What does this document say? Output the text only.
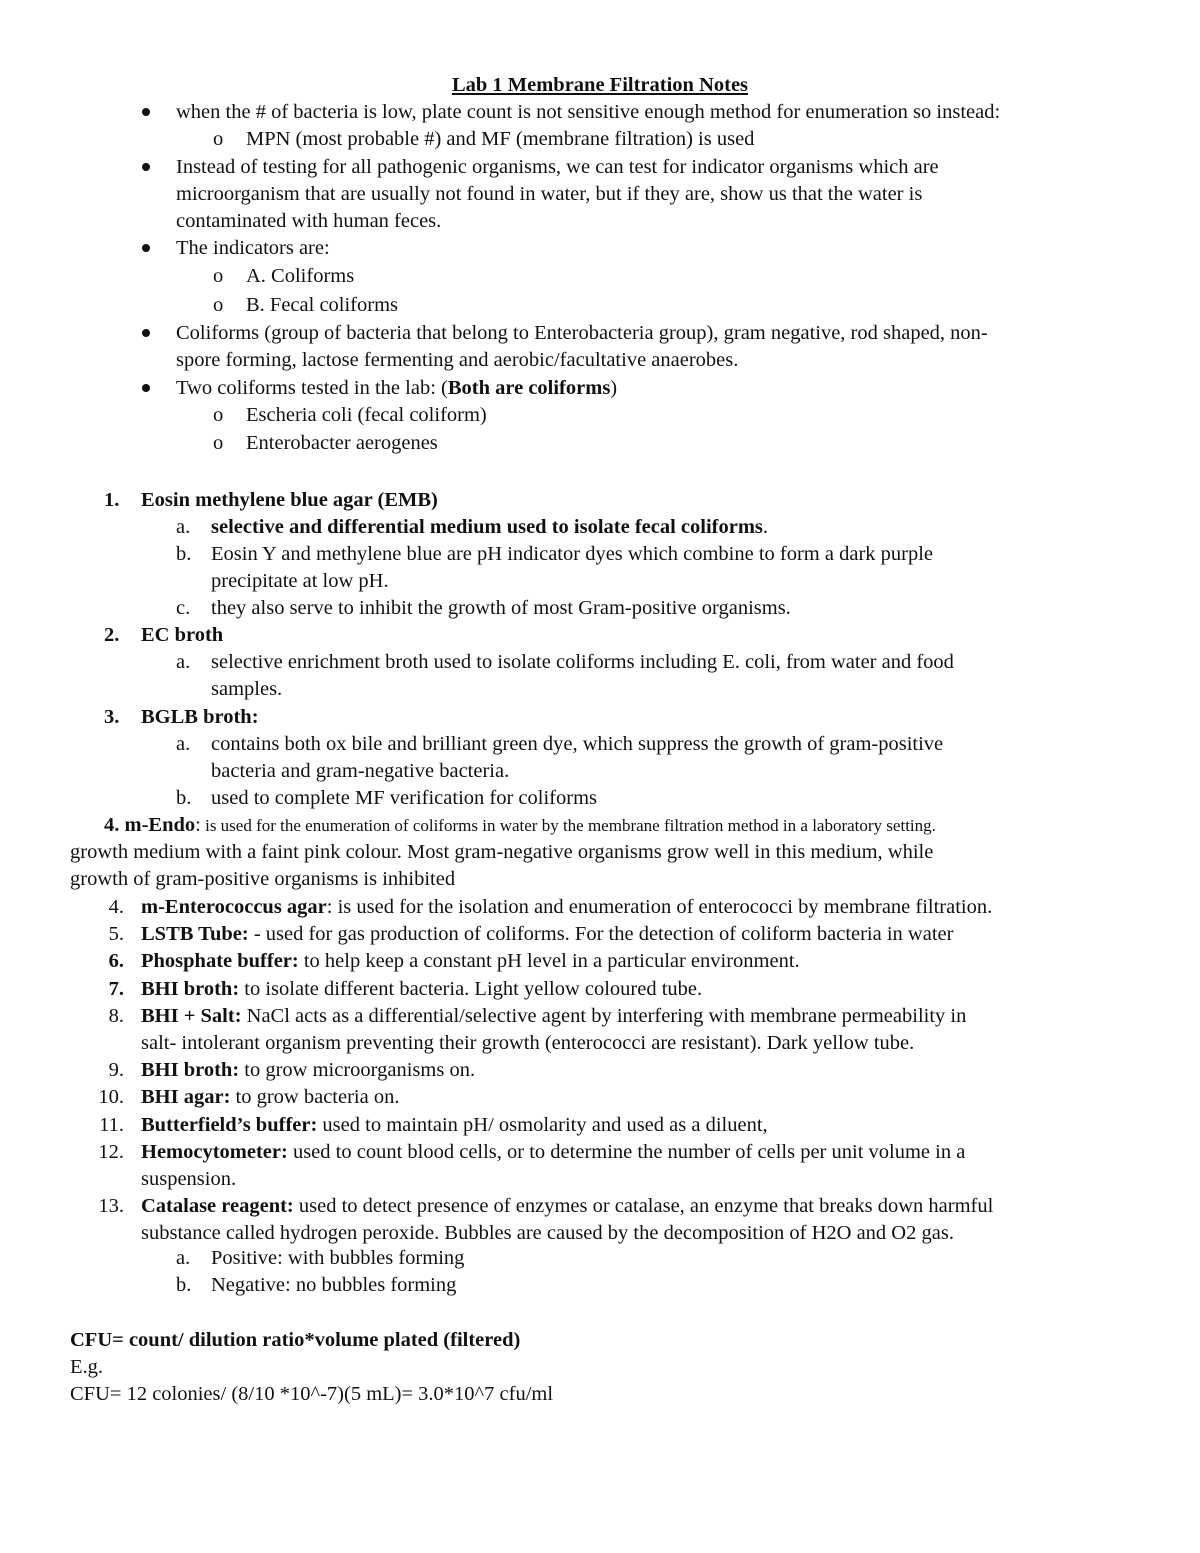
Lab 1 Membrane Filtration Notes
when the # of bacteria is low, plate count is not sensitive enough method for enumeration so instead:
o MPN (most probable #) and MF (membrane filtration) is used
Instead of testing for all pathogenic organisms, we can test for indicator organisms which are
microorganism that are usually not found in water, but if they are, show us that the water is
contaminated with human feces.
The indicators are:
o A. Coliforms
o B. Fecal coliforms
Coliforms (group of bacteria that belong to Enterobacteria group), gram negative, rod shaped, non-
spore forming, lactose fermenting and aerobic/facultative anaerobes.
Two coliforms tested in the lab: (Both are coliforms)
o Escheria coli (fecal coliform)
o Enterobacter aerogenes
1. Eosin methylene blue agar (EMB)
a. selective and differential medium used to isolate fecal coliforms.
b. Eosin Y and methylene blue are pH indicator dyes which combine to form a dark purple
precipitate at low pH.
c. they also serve to inhibit the growth of most Gram-positive organisms.
2. EC broth
a. selective enrichment broth used to isolate coliforms including E. coli, from water and food
samples.
3. BGLB broth:
a. contains both ox bile and brilliant green dye, which suppress the growth of gram-positive
bacteria and gram-negative bacteria.
b. used to complete MF verification for coliforms
4. m-Endo: is used for the enumeration of coliforms in water by the membrane filtration method in a laboratory setting.
growth medium with a faint pink colour. Most gram-negative organisms grow well in this medium, while
growth of gram-positive organisms is inhibited
4. m-Enterococcus agar: is used for the isolation and enumeration of enterococci by membrane filtration.
5. LSTB Tube: - used for gas production of coliforms. For the detection of coliform bacteria in water
6. Phosphate buffer: to help keep a constant pH level in a particular environment.
7. BHI broth: to isolate different bacteria. Light yellow coloured tube.
8. BHI + Salt: NaCl acts as a differential/selective agent by interfering with membrane permeability in
salt- intolerant organism preventing their growth (enterococci are resistant). Dark yellow tube.
9. BHI broth: to grow microorganisms on.
10. BHI agar: to grow bacteria on.
11. Butterfield’s buffer: used to maintain pH/ osmolarity and used as a diluent,
12. Hemocytometer: used to count blood cells, or to determine the number of cells per unit volume in a
suspension.
13. Catalase reagent: used to detect presence of enzymes or catalase, an enzyme that breaks down harmful
substance called hydrogen peroxide. Bubbles are caused by the decomposition of H2O and O2 gas.
a. Positive: with bubbles forming
b. Negative: no bubbles forming
CFU= count/ dilution ratio*volume plated (filtered)
E.g.
CFU= 12 colonies/ (8/10 *10^-7)(5 mL)= 3.0*10^7 cfu/ml
